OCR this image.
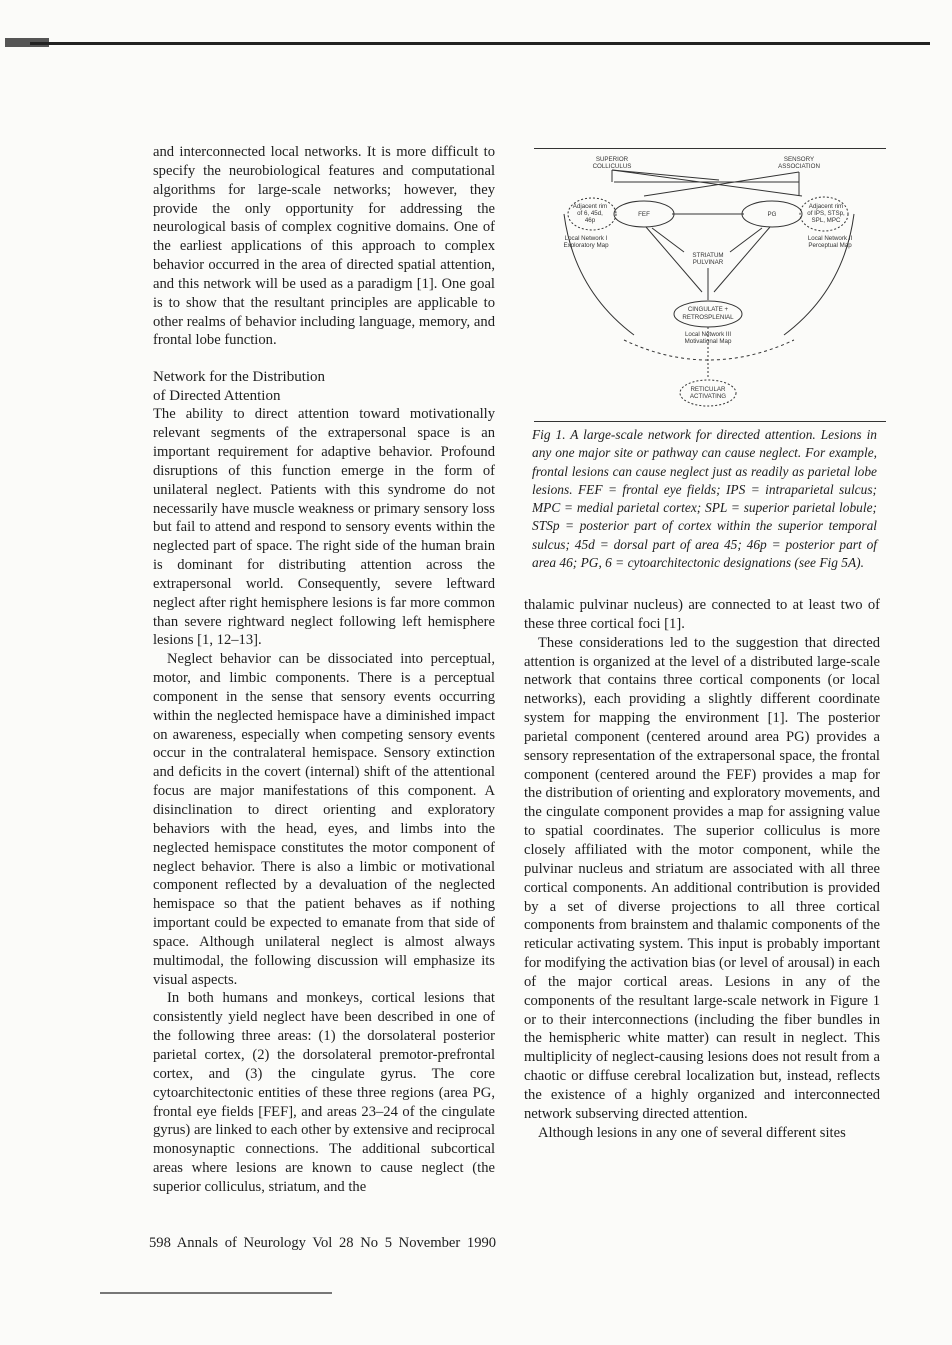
and interconnected local networks. It is more difficult to specify the neurobiological features and computational algorithms for large-scale networks; however, they provide the only opportunity for addressing the neurological basis of complex cognitive domains. One of the earliest applications of this approach to complex behavior occurred in the area of directed spatial attention, and this network will be used as a paradigm [1]. One goal is to show that the resultant principles are applicable to other realms of behavior including language, memory, and frontal lobe function.

Network for the Distribution
of Directed Attention

The ability to direct attention toward motivationally relevant segments of the extrapersonal space is an important requirement for adaptive behavior. Profound disruptions of this function emerge in the form of unilateral neglect. Patients with this syndrome do not necessarily have muscle weakness or primary sensory loss but fail to attend and respond to sensory events within the neglected part of space. The right side of the human brain is dominant for distributing attention across the extrapersonal world. Consequently, severe leftward neglect after right hemisphere lesions is far more common than severe rightward neglect following left hemisphere lesions [1, 12–13].

Neglect behavior can be dissociated into perceptual, motor, and limbic components. There is a perceptual component in the sense that sensory events occurring within the neglected hemispace have a diminished impact on awareness, especially when competing sensory events occur in the contralateral hemispace. Sensory extinction and deficits in the covert (internal) shift of the attentional focus are major manifestations of this component. A disinclination to direct orienting and exploratory behaviors with the head, eyes, and limbs into the neglected hemispace constitutes the motor component of neglect behavior. There is also a limbic or motivational component reflected by a devaluation of the neglected hemispace so that the patient behaves as if nothing important could be expected to emanate from that side of space. Although unilateral neglect is almost always multimodal, the following discussion will emphasize its visual aspects.

In both humans and monkeys, cortical lesions that consistently yield neglect have been described in one of the following three areas: (1) the dorsolateral posterior parietal cortex, (2) the dorsolateral premotor-prefrontal cortex, and (3) the cingulate gyrus. The core cytoarchitectonic entities of these three regions (area PG, frontal eye fields [FEF], and areas 23–24 of the cingulate gyrus) are linked to each other by extensive and reciprocal monosynaptic connections. The additional subcortical areas where lesions are known to cause neglect (the superior colliculus, striatum, and the

SUPERIOR
COLLICULUS
SENSORY
ASSOCIATION
Adjacent rim
of 6, 45d,
46p
FEF	PG
Adjacent rim
of IPS, STSp,
SPL, MPC
Local Network I
Exploratory Map
Local Network II
Perceptual Map
STRIATUM
PULVINAR
CINGULATE +
RETROSPLENIAL
Local Network III
Motivational Map
RETICULAR
ACTIVATING

Fig 1. A large-scale network for directed attention. Lesions in any one major site or pathway can cause neglect. For example, frontal lesions can cause neglect just as readily as parietal lobe lesions. FEF = frontal eye fields; IPS = intraparietal sulcus; MPC = medial parietal cortex; SPL = superior parietal lobule; STSp = posterior part of cortex within the superior temporal sulcus; 45d = dorsal part of area 45; 46p = posterior part of area 46; PG, 6 = cytoarchitectonic designations (see Fig 5A).

thalamic pulvinar nucleus) are connected to at least two of these three cortical foci [1].

These considerations led to the suggestion that directed attention is organized at the level of a distributed large-scale network that contains three cortical components (or local networks), each providing a slightly different coordinate system for mapping the environment [1]. The posterior parietal component (centered around area PG) provides a sensory representation of the extrapersonal space, the frontal component (centered around the FEF) provides a map for the distribution of orienting and exploratory movements, and the cingulate component provides a map for assigning value to spatial coordinates. The superior colliculus is more closely affiliated with the motor component, while the pulvinar nucleus and striatum are associated with all three cortical components. An additional contribution is provided by a set of diverse projections to all three cortical components from brainstem and thalamic components of the reticular activating system. This input is probably important for modifying the activation bias (or level of arousal) in each of the major cortical areas. Lesions in any of the components of the resultant large-scale network in Figure 1 or to their interconnections (including the fiber bundles in the hemispheric white matter) can result in neglect. This multiplicity of neglect-causing lesions does not result from a chaotic or diffuse cerebral localization but, instead, reflects the existence of a highly organized and interconnected network subserving directed attention.

Although lesions in any one of several different sites

598 Annals of Neurology Vol 28 No 5 November 1990
